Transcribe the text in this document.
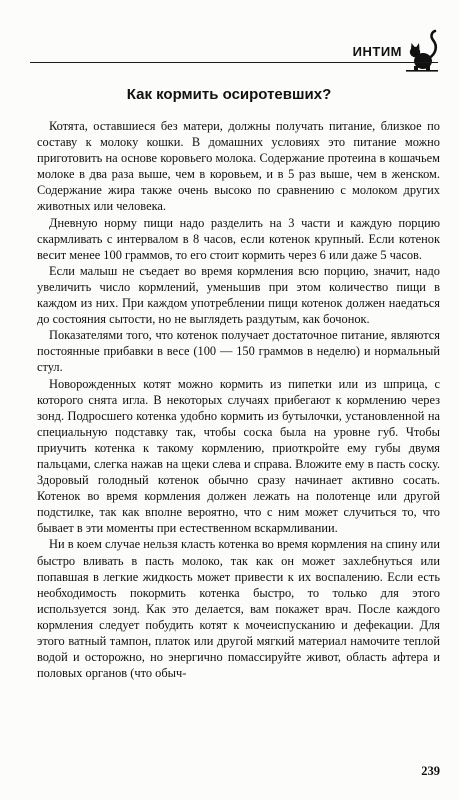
ИНТИМ
Как кормить осиротевших?

Котята, оставшиеся без матери, должны получать питание, близкое по составу к молоку кошки. В домашних условиях это питание можно приготовить на основе коровьего молока. Содержание протеина в кошачьем молоке в два раза выше, чем в коровьем, и в 5 раз выше, чем в женском. Содержание жира также очень высоко по сравнению с молоком других животных или человека.

Дневную норму пищи надо разделить на 3 части и каждую порцию скармливать с интервалом в 8 часов, если котенок крупный. Если котенок весит менее 100 граммов, то его стоит кормить через 6 или даже 5 часов.

Если малыш не съедает во время кормления всю порцию, значит, надо увеличить число кормлений, уменьшив при этом количество пищи в каждом из них. При каждом употреблении пищи котенок должен наедаться до состояния сытости, но не выглядеть раздутым, как бочонок.

Показателями того, что котенок получает достаточное питание, являются постоянные прибавки в весе (100 — 150 граммов в неделю) и нормальный стул.

Новорожденных котят можно кормить из пипетки или из шприца, с которого снята игла. В некоторых случаях прибегают к кормлению через зонд. Подросшего котенка удобно кормить из бутылочки, установленной на специальную подставку так, чтобы соска была на уровне губ. Чтобы приучить котенка к такому кормлению, приоткройте ему губы двумя пальцами, слегка нажав на щеки слева и справа. Вложите ему в пасть соску. Здоровый голодный котенок обычно сразу начинает активно сосать. Котенок во время кормления должен лежать на полотенце или другой подстилке, так как вполне вероятно, что с ним может случиться то, что бывает в эти моменты при естественном вскармливании.

Ни в коем случае нельзя класть котенка во время кормления на спину или быстро вливать в пасть молоко, так как он может захлебнуться или попавшая в легкие жидкость может привести к их воспалению. Если есть необходимость покормить котенка быстро, то только для этого используется зонд. Как это делается, вам покажет врач. После каждого кормления следует побудить котят к мочеиспусканию и дефекации. Для этого ватный тампон, платок или другой мягкий материал намочите теплой водой и осторожно, но энергично помассируйте живот, область афтера и половых органов (что обыч-

239
